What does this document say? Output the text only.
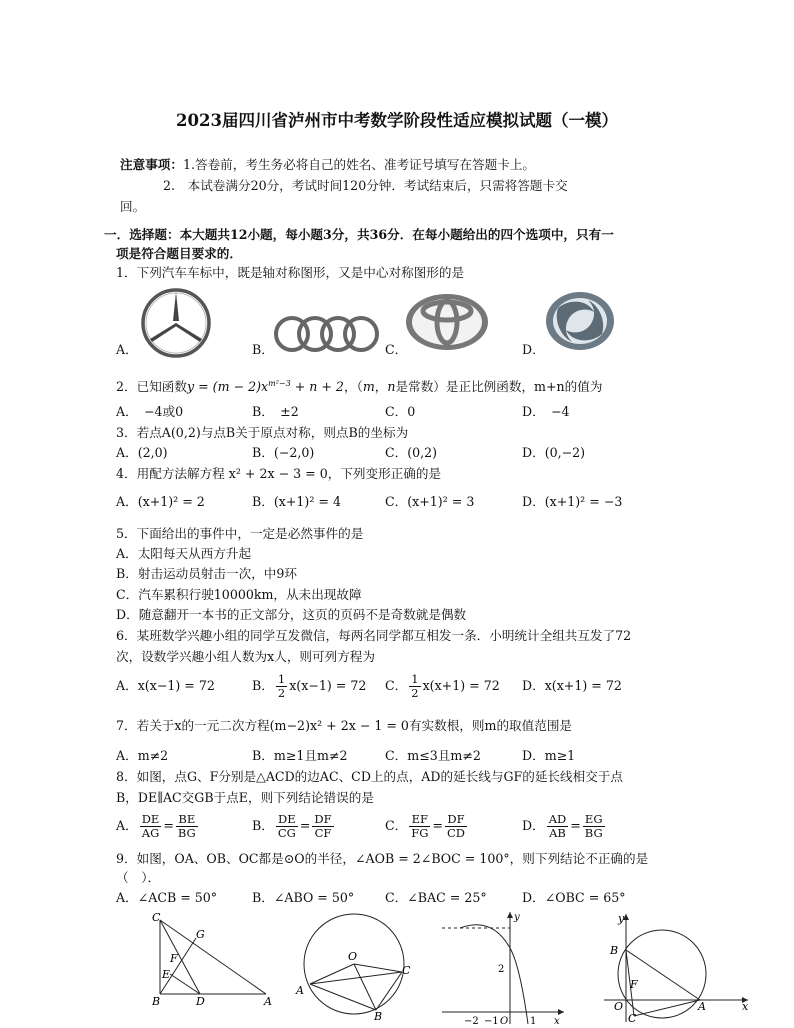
2023届四川省泸州市中考数学阶段性适应模拟试题（一模）
注意事项：1.答卷前，考生务必将自己的姓名、准考证号填写在答题卡上。
2.　本试卷满分20分，考试时间120分钟．考试结束后，只需将答题卡交
回。
一．选择题：本大题共12小题，每小题3分，共36分．在每小题给出的四个选项中，只有一
项是符合题目要求的．
1．下列汽车车标中，既是轴对称图形，又是中心对称图形的是
A．	B．	C．	D．
2．已知函数$y = (m - 2)x^{m^2-3} + n + 2$，（m，n是常数）是正比例函数，m+n的值为
A．　−4或0	B．　±2	C．0	D．　−4
3．若点A(0,2)与点B关于原点对称，则点B的坐标为
A．(2,0)	B．(−2,0)	C．(0,2)	D．(0,−2)
4．用配方法解方程 x² + 2x − 3 = 0，下列变形正确的是
A．(x+1)² = 2	B．(x+1)² = 4	C．(x+1)² = 3	D．(x+1)² = −3
5．下面给出的事件中，一定是必然事件的是
A．太阳每天从西方升起
B．射击运动员射击一次，中9环
C．汽车累积行驶10000km，从未出现故障
D．随意翻开一本书的正文部分，这页的页码不是奇数就是偶数
6．某班数学兴趣小组的同学互发微信，每两名同学都互相发一条．小明统计全组共互发了72
次，设数学兴趣小组人数为x人，则可列方程为
A．x(x−1) = 72	B． $\frac{1}{2} x(x-1) = 72$ C． $\frac{1}{2} x(x+1) = 72$ D．x(x+1) = 72
7．若关于x的一元二次方程(m−2)x² + 2x − 1 = 0有实数根，则m的取值范围是
A．m≠2	B．m≥1且m≠2	C．m≤3且m≠2	D．m≥1
8．如图，点G、F分别是△ACD的边AC、CD上的点，AD的延长线与GF的延长线相交于点
B，DE∥AC交GB于点E，则下列结论错误的是
A． $\frac{DE}{AG} = \frac{BE}{BG}$	B． $\frac{DE}{CG} = \frac{DF}{CF}$	C． $\frac{EF}{FG} = \frac{DF}{CD}$	D． $\frac{AD}{AB} = \frac{EG}{BG}$
9．如图，OA、OB、OC都是⊙O的半径，∠AOB = 2∠BOC = 100°，则下列结论不正确的是
（　）．
A．∠ACB = 50°	B．∠ABO = 50° C．∠BAC = 25°	D．∠OBC = 65°
C
G
F
E
B	D	A
O
A
B
C
y
2
−2 −1 O 1 x
y
B
F
O	A	x
C
